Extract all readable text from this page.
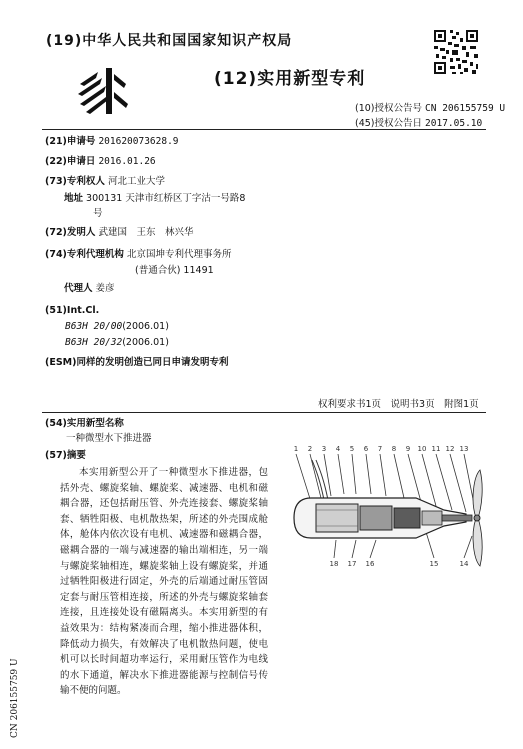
(19)中华人民共和国国家知识产权局
(12)实用新型专利
(10)授权公告号 CN 206155759 U
(45)授权公告日 2017.05.10
(21)申请号 201620073628.9
(22)申请日 2016.01.26
(73)专利权人 河北工业大学
地址 300131 天津市红桥区丁字沽一号路8
号
(72)发明人 武建国　王东　林兴华
(74)专利代理机构 北京国坤专利代理事务所
(普通合伙) 11491
代理人 姜彦
(51)Int.Cl.
B63H 20/00(2006.01)
B63H 20/32(2006.01)
(ESM)同样的发明创造已同日申请发明专利
权利要求书1页　说明书3页　附图1页
(54)实用新型名称
一种微型水下推进器
(57)摘要

本实用新型公开了一种微型水下推进器，包括外壳、螺旋桨轴、螺旋桨、减速器、电机和磁耦合器，还包括耐压管、外壳连接套、螺旋桨轴套、牺牲阳极、电机散热架，所述的外壳围成舱体，舱体内依次设有电机、减速器和磁耦合器，磁耦合器的一端与减速器的输出端相连，另一端与螺旋桨轴相连，螺旋桨轴上设有螺旋桨，并通过牺牲阳极进行固定，外壳的后端通过耐压管固定套与耐压管相连接，所述的外壳与螺旋桨轴套连接，且连接处设有磁隔离头。本实用新型的有益效果为：结构紧凑而合理，缩小推进器体积，降低动力损失，有效解决了电机散热问题，使电机可以长时间超功率运行，采用耐压管作为电线的水下通道，解决水下推进器能源与控制信号传输不便的问题。

1 2 3 4 5 6 7 8 9 10 11 12 13
18 17 16	15	14
CN 206155759 U
